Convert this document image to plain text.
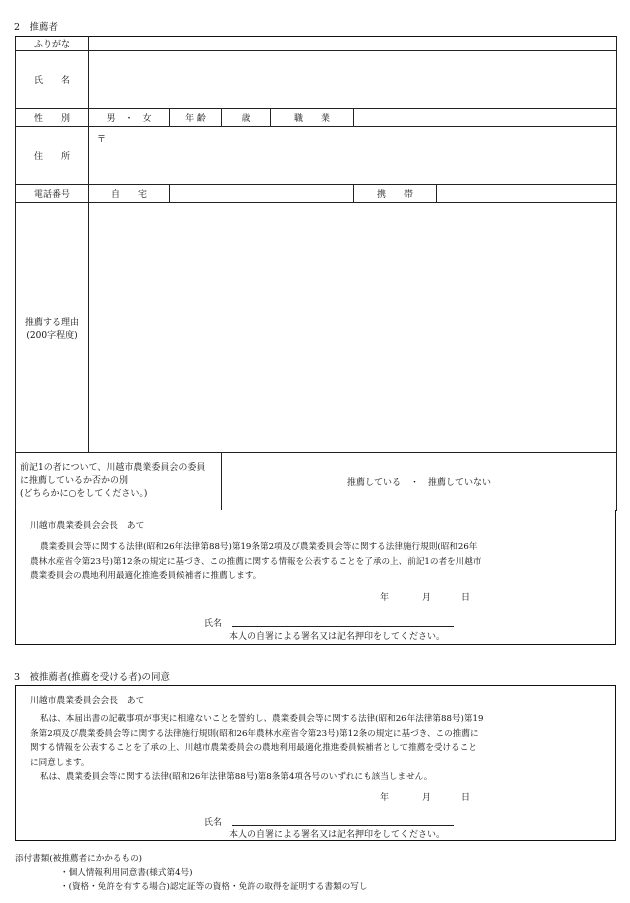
2　推薦者
ふりがな						
氏　　名						
性　　別	男　・　女	年 齢	歳	職　　業		
住　　所	〒					

電話番号	自　　宅				携　　帯	

推薦する理由
(200字程度)						

前記1の者について、川越市農業委員会の委員
に推薦しているか否かの別
(どちらかに○をしてください。)			推薦している　・　推薦していない			
川越市農業委員会会長　あて
農業委員会等に関する法律(昭和26年法律第88号)第19条第2項及び農業委員会等に関する法律施行規則(昭和26年
農林水産省令第23号)第12条の規定に基づき、この推薦に関する情報を公表することを了承の上、前記1の者を川越市
農業委員会の農地利用最適化推進委員候補者に推薦します。
年	月	日
氏名
本人の自署による署名又は記名押印をしてください。
3　被推薦者(推薦を受ける者)の同意
川越市農業委員会会長　あて
私は、本届出書の記載事項が事実に相違ないことを誓約し、農業委員会等に関する法律(昭和26年法律第88号)第19
条第2項及び農業委員会等に関する法律施行規則(昭和26年農林水産省令第23号)第12条の規定に基づき、この推薦に
関する情報を公表することを了承の上、川越市農業委員会の農地利用最適化推進委員候補者として推薦を受けること
に同意します。
私は、農業委員会等に関する法律(昭和26年法律第88号)第8条第4項各号のいずれにも該当しません。
年	月	日
氏名
本人の自署による署名又は記名押印をしてください。
添付書類(被推薦者にかかるもの)
・個人情報利用同意書(様式第4号)
・(資格・免許を有する場合)認定証等の資格・免許の取得を証明する書類の写し
